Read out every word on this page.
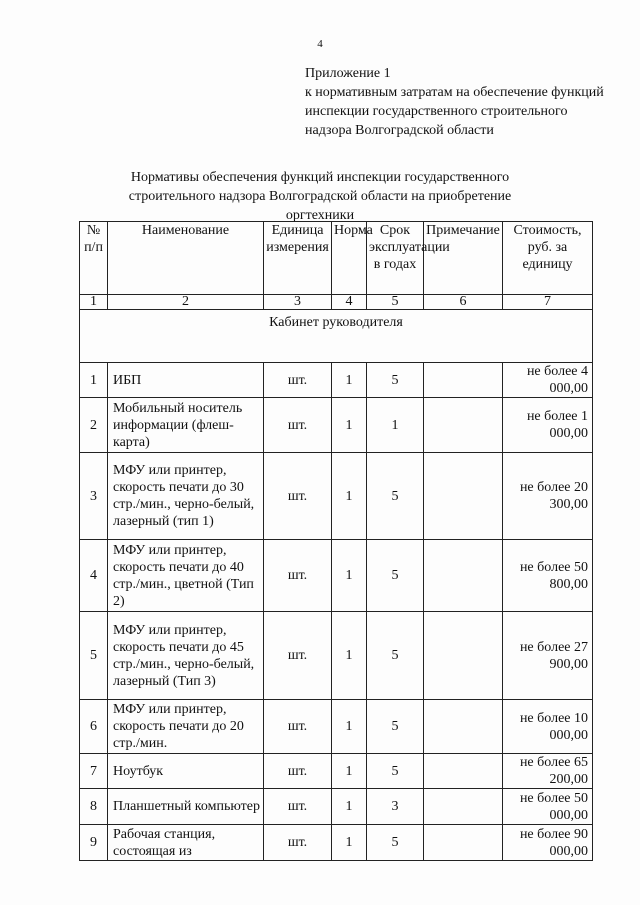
4
Приложение 1
к нормативным затратам на обеспечение функций инспекции государственного строительного надзора Волгоградской области
Нормативы обеспечения функций инспекции государственного строительного надзора Волгоградской области на приобретение оргтехники
№ п/п	Наименование	Единица измерения	Норма	Срок эксплуатации в годах	Примечание	Стоимость, руб. за единицу
1	2	3	4	5	6	7
Кабинет руководителя						
1	ИБП	шт.	1	5		не более 4 000,00
2	Мобильный носитель информации (флеш-карта)	шт.	1	1		не более 1 000,00
3	МФУ или принтер, скорость печати до 30 стр./мин., черно-белый, лазерный (тип 1)	шт.	1	5		не более 20 300,00
4	МФУ или принтер, скорость печати до 40 стр./мин., цветной (Тип 2)	шт.	1	5		не более 50 800,00
5	МФУ или принтер, скорость печати до 45 стр./мин., черно-белый, лазерный (Тип 3)	шт.	1	5		не более 27 900,00
6	МФУ или принтер, скорость печати до 20 стр./мин.	шт.	1	5		не более 10 000,00
7	Ноутбук	шт.	1	5		не более 65 200,00
8	Планшетный компьютер	шт.	1	3		не более 50 000,00
9	Рабочая станция, состоящая из	шт.	1	5		не более 90 000,00
